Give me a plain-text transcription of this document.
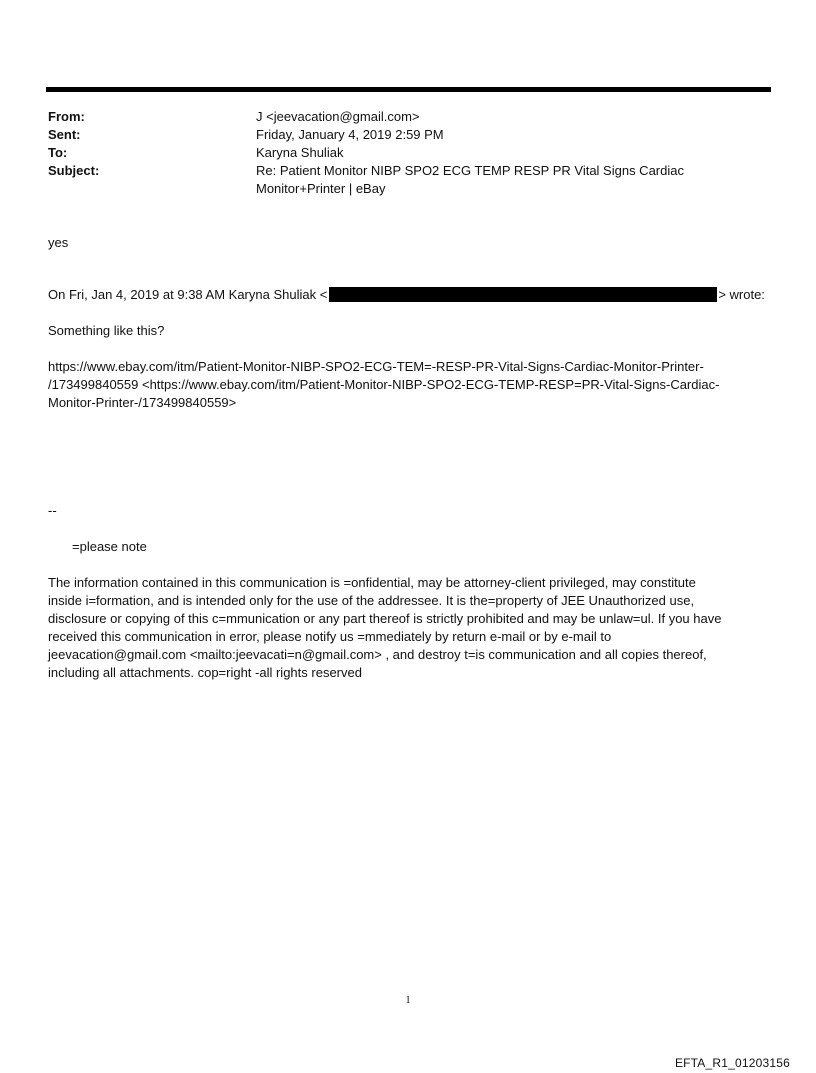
From:	J <jeevacation@gmail.com>
Sent:	Friday, January 4, 2019 2:59 PM
To:	Karyna Shuliak
Subject:	Re: Patient Monitor NIBP SPO2 ECG TEMP RESP PR Vital Signs Cardiac Monitor+Printer | eBay
yes
On Fri, Jan 4, 2019 at 9:38 AM Karyna Shuliak <	> wrote:
Something like this?
https://www.ebay.com/itm/Patient-Monitor-NIBP-SPO2-ECG-TEM=-RESP-PR-Vital-Signs-Cardiac-Monitor-Printer-
/173499840559 <https://www.ebay.com/itm/Patient-Monitor-NIBP-SPO2-ECG-TEMP-RESP=PR-Vital-Signs-Cardiac-
Monitor-Printer-/173499840559>
--
=please note
The information contained in this communication is =onfidential, may be attorney-client privileged, may constitute
inside i=formation, and is intended only for the use of the addressee. It is the=property of JEE Unauthorized use,
disclosure or copying of this c=mmunication or any part thereof is strictly prohibited and may be unlaw=ul. If you have
received this communication in error, please notify us =mmediately by return e-mail or by e-mail to
jeevacation@gmail.com <mailto:jeevacati=n@gmail.com> , and destroy t=is communication and all copies thereof,
including all attachments. cop=right -all rights reserved
1
EFTA_R1_01203156
